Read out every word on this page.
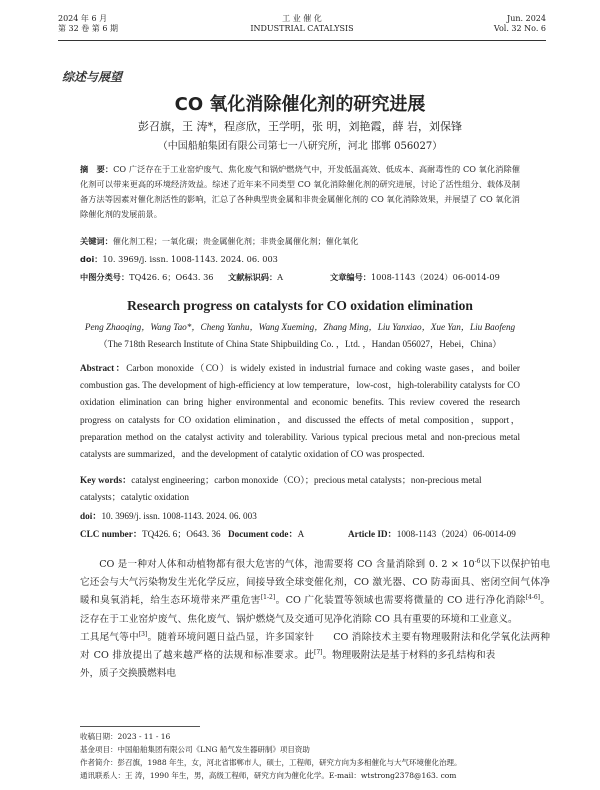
2024 年 6 月
第 32 卷 第 6 期
工 业 催 化
INDUSTRIAL CATALYSIS
Jun. 2024
Vol. 32 No. 6
综述与展望
CO 氧化消除催化剂的研究进展
彭召旗，王 涛*，程彦欣，王学明，张 明，刘艳霞，薛 岩，刘保锋
（中国船舶集团有限公司第七一八研究所，河北 邯郸 056027）
摘　要：CO 广泛存在于工业窑炉废气、焦化废气和锅炉燃烧气中，开发低温高效、低成本、高耐毒性的 CO 氧化消除催化剂可以带来更高的环境经济效益。综述了近年来不同类型 CO 氧化消除催化剂的研究进展，讨论了活性组分、载体及制备方法等因素对催化剂活性的影响，汇总了各种典型贵金属和非贵金属催化剂的 CO 氧化消除效果，并展望了 CO 氧化消除催化剂的发展前景。
关键词：催化剂工程；一氧化碳；贵金属催化剂；非贵金属催化剂；催化氧化
doi：10. 3969/j. issn. 1008-1143. 2024. 06. 003
中图分类号：TQ426. 6；O643. 36 文献标识码：A	文章编号：1008-1143（2024）06-0014-09
Research progress on catalysts for CO oxidation elimination
Peng Zhaoqing，Wang Tao*，Cheng Yanhu，Wang Xueming，Zhang Ming，Liu Yanxiao，Xue Yan，Liu Baofeng
（The 718th Research Institute of China State Shipbuilding Co. ，Ltd. ，Handan 056027，Hebei，China）
Abstract：Carbon monoxide（CO）is widely existed in industrial furnace and coking waste gases，and boiler combustion gas. The development of high-efficiency at low temperature，low-cost，high-tolerability catalysts for CO oxidation elimination can bring higher environmental and economic benefits. This review covered the research progress on catalysts for CO oxidation elimination，and discussed the effects of metal composition，support，preparation method on the catalyst activity and tolerability. Various typical precious metal and non-precious metal catalysts are summarized，and the development of catalytic oxidation of CO was prospected.
Key words：catalyst engineering；carbon monoxide（CO）；precious metal catalysts；non-precious metal catalysts；catalytic oxidation
doi：10. 3969/j. issn. 1008-1143. 2024. 06. 003
CLC number：TQ426. 6；O643. 36 Document code：A	Article ID：1008-1143（2024）06-0014-09

CO 是一种对人体和动植物都有很大危害的气体，它还会与大气污染物发生光化学反应，间接导致全球变暖和臭氧消耗，给生态环境带来严重危害[1-2]。CO 广泛存在于工业窑炉废气、焦化废气、锅炉燃烧气及交通工具尾气等中[3]。随着环境问题日益凸显，许多国家针对 CO 排放提出了越来越严格的法规和标准要求。此外，质子交换膜燃料电

池需要将 CO 含量消除到 0. $2 \times 10^{-6}$以下以保护铂电催化剂，CO 激光器、CO 防毒面具、密闭空间气体净化装置等领域也需要将微量的 CO 进行净化消除[4-6]。可见净化消除 CO 具有重要的环境和工业意义。

CO 消除技术主要有物理吸附法和化学氧化法两种[7]。物理吸附法是基于材料的多孔结构和表

收稿日期：2023 - 11 - 16
基金项目：中国船舶集团有限公司《LNG 船气发生器研制》项目资助
作者简介：彭召旗，1988 年生，女，河北省邯郸市人，硕士，工程师，研究方向为多相催化与大气环境催化治理。
通讯联系人：王 涛，1990 年生，男，高级工程师，研究方向为催化化学。E-mail：wtstrong2378@163. com
